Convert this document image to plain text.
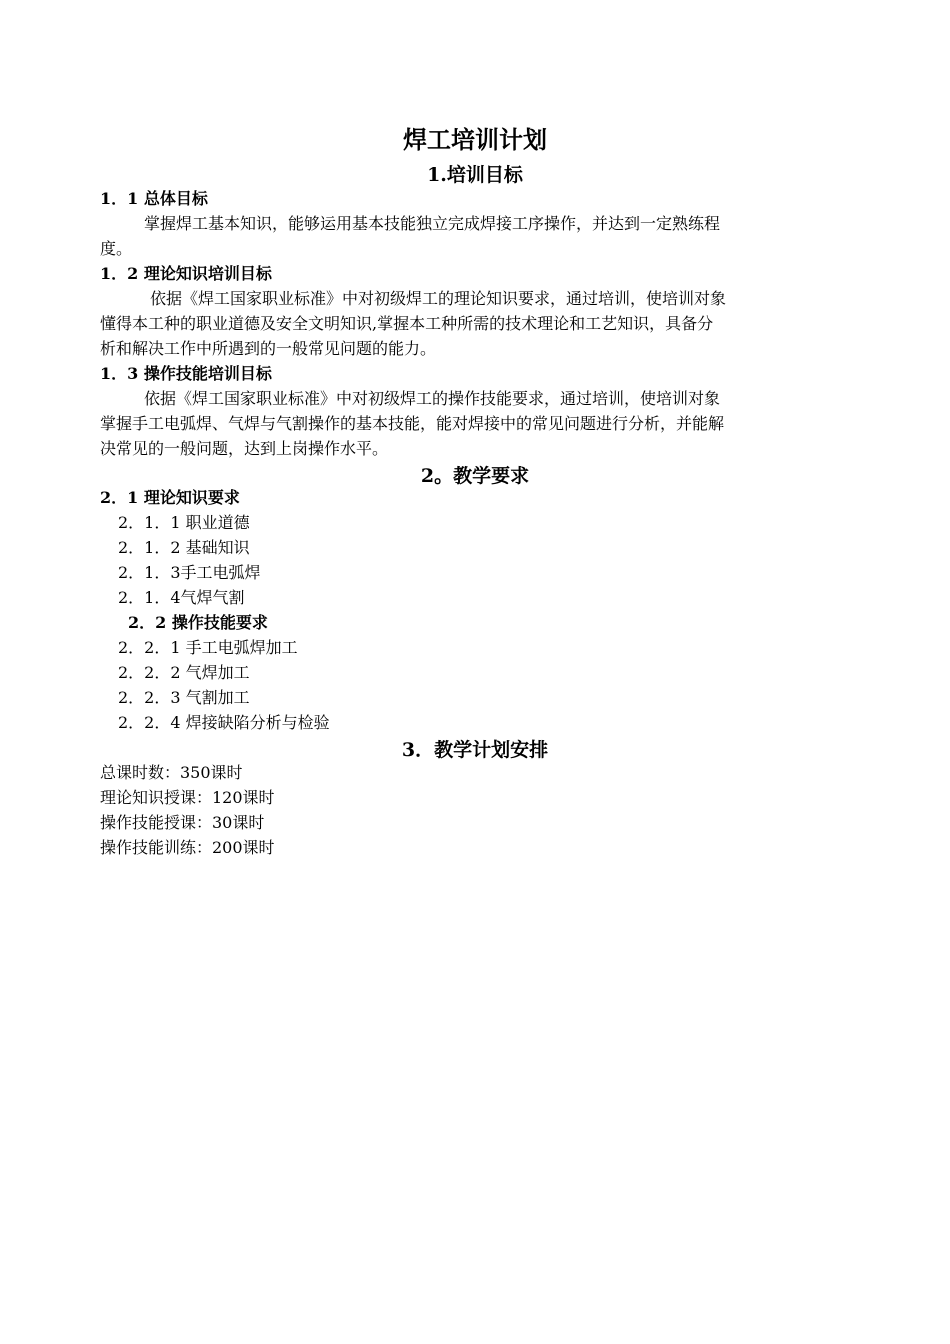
焊工培训计划
1.培训目标
1．1 总体目标
掌握焊工基本知识，能够运用基本技能独立完成焊接工序操作，并达到一定熟练程
度。
1．2 理论知识培训目标
依据《焊工国家职业标准》中对初级焊工的理论知识要求，通过培训，使培训对象
懂得本工种的职业道德及安全文明知识,掌握本工种所需的技术理论和工艺知识，具备分
析和解决工作中所遇到的一般常见问题的能力。
1．3 操作技能培训目标
依据《焊工国家职业标准》中对初级焊工的操作技能要求，通过培训，使培训对象
掌握手工电弧焊、气焊与气割操作的基本技能，能对焊接中的常见问题进行分析，并能解
决常见的一般问题，达到上岗操作水平。
2。教学要求
2．1 理论知识要求
2．1．1 职业道德
2．1．2 基础知识
2．1．3手工电弧焊
2．1．4气焊气割
2．2 操作技能要求
2．2．1 手工电弧焊加工
2．2．2 气焊加工
2．2．3 气割加工
2．2．4 焊接缺陷分析与检验
3．教学计划安排
总课时数：350课时
理论知识授课：120课时
操作技能授课：30课时
操作技能训练：200课时
